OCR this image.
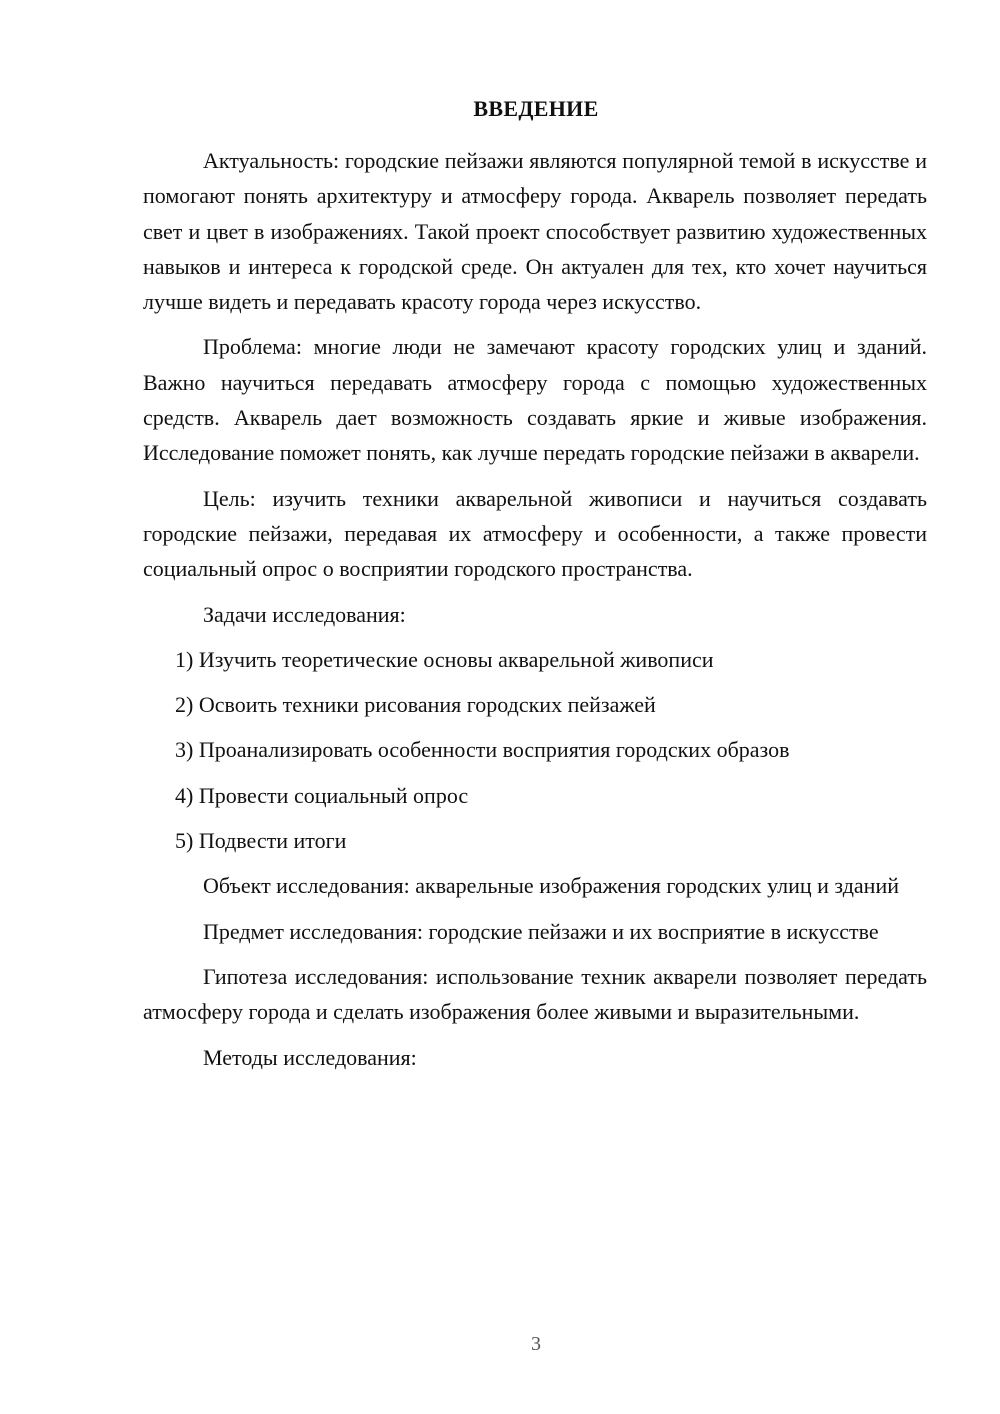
ВВЕДЕНИЕ

Актуальность: городские пейзажи являются популярной темой в искусстве и помогают понять архитектуру и атмосферу города. Акварель позволяет передать свет и цвет в изображениях. Такой проект способствует развитию художественных навыков и интереса к городской среде. Он актуален для тех, кто хочет научиться лучше видеть и передавать красоту города через искусство.

Проблема: многие люди не замечают красоту городских улиц и зданий. Важно научиться передавать атмосферу города с помощью художественных средств. Акварель дает возможность создавать яркие и живые изображения. Исследование поможет понять, как лучше передать городские пейзажи в акварели.

Цель: изучить техники акварельной живописи и научиться создавать городские пейзажи, передавая их атмосферу и особенности, а также провести социальный опрос о восприятии городского пространства.

Задачи исследования:

1) Изучить теоретические основы акварельной живописи

2) Освоить техники рисования городских пейзажей

3) Проанализировать особенности восприятия городских образов

4) Провести социальный опрос

5) Подвести итоги

Объект исследования: акварельные изображения городских улиц и зданий

Предмет исследования: городские пейзажи и их восприятие в искусстве

Гипотеза исследования: использование техник акварели позволяет передать атмосферу города и сделать изображения более живыми и выразительными.

Методы исследования:

3
